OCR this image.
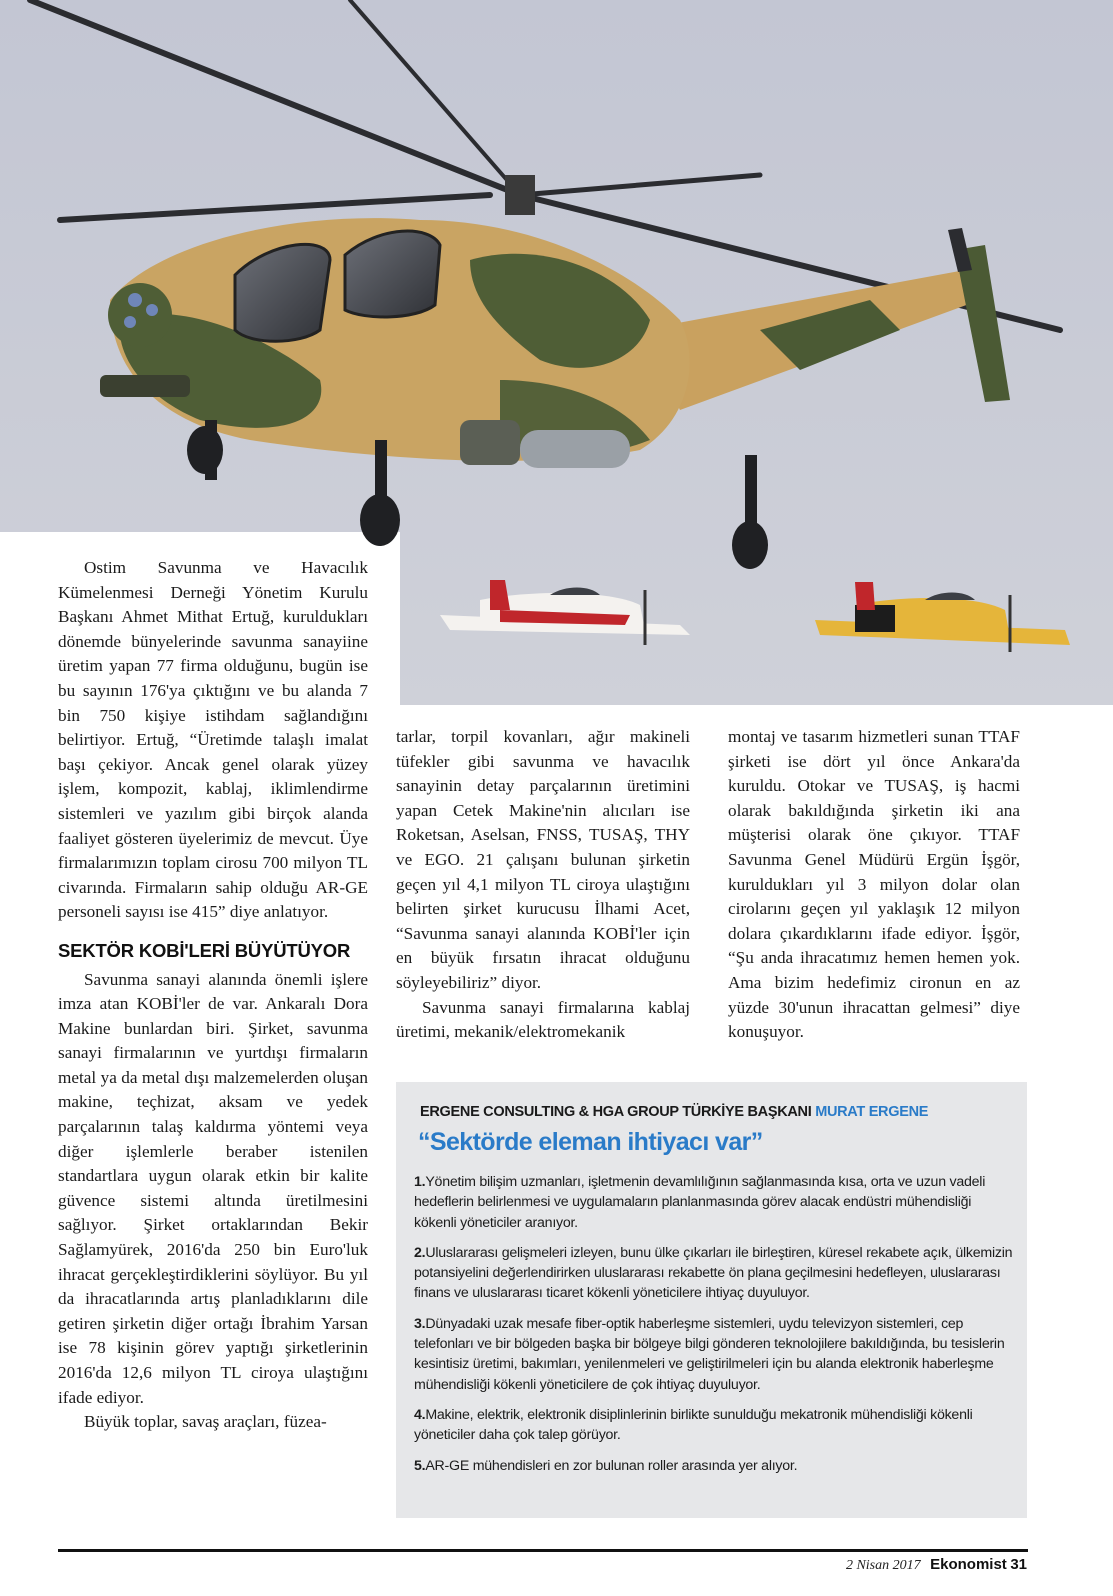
Ostim Savunma ve Havacılık Kümelenmesi Derneği Yönetim Kurulu Başkanı Ahmet Mithat Ertuğ, kuruldukları dönemde bünyelerinde savunma sanayiine üretim yapan 77 firma olduğunu, bugün ise bu sayının 176'ya çıktığını ve bu alanda 7 bin 750 kişiye istihdam sağlandığını belirtiyor. Ertuğ, “Üretimde talaşlı imalat başı çekiyor. Ancak genel olarak yüzey işlem, kompozit, kablaj, iklimlendirme sistemleri ve yazılım gibi birçok alanda faaliyet gösteren üyelerimiz de mevcut. Üye firmalarımızın toplam cirosu 700 milyon TL civarında. Firmaların sahip olduğu AR-GE personeli sayısı ise 415” diye anlatıyor.

SEKTÖR KOBİ'LERİ BÜYÜTÜYOR

Savunma sanayi alanında önemli işlere imza atan KOBİ'ler de var. Ankaralı Dora Makine bunlardan biri. Şirket, savunma sanayi firmalarının ve yurtdışı firmaların metal ya da metal dışı malzemelerden oluşan makine, teçhizat, aksam ve yedek parçalarının talaş kaldırma yöntemi veya diğer işlemlerle beraber istenilen standartlara uygun olarak etkin bir kalite güvence sistemi altında üretilmesini sağlıyor. Şirket ortaklarından Bekir Sağlamyürek, 2016'da 250 bin Euro'luk ihracat gerçekleştirdiklerini söylüyor. Bu yıl da ihracatlarında artış planladıklarını dile getiren şirketin diğer ortağı İbrahim Yarsan ise 78 kişinin görev yaptığı şirketlerinin 2016'da 12,6 milyon TL ciroya ulaştığını ifade ediyor.

Büyük toplar, savaş araçları, füzea-

tarlar, torpil kovanları, ağır makineli tüfekler gibi savunma ve havacılık sanayinin detay parçalarının üretimini yapan Cetek Makine'nin alıcıları ise Roketsan, Aselsan, FNSS, TUSAŞ, THY ve EGO. 21 çalışanı bulunan şirketin geçen yıl 4,1 milyon TL ciroya ulaştığını belirten şirket kurucusu İlhami Acet, “Savunma sanayi alanında KOBİ'ler için en büyük fırsatın ihracat olduğunu söyleyebiliriz” diyor.

Savunma sanayi firmalarına kablaj üretimi, mekanik/elektromekanik

montaj ve tasarım hizmetleri sunan TTAF şirketi ise dört yıl önce Ankara'da kuruldu. Otokar ve TUSAŞ, iş hacmi olarak bakıldığında şirketin iki ana müşterisi olarak öne çıkıyor. TTAF Savunma Genel Müdürü Ergün İşgör, kuruldukları yıl 3 milyon dolar olan cirolarını geçen yıl yaklaşık 12 milyon dolara çıkardıklarını ifade ediyor. İşgör, “Şu anda ihracatımız hemen hemen yok. Ama bizim hedefimiz cironun en az yüzde 30'unun ihracattan gelmesi” diye konuşuyor.

ERGENE CONSULTING & HGA GROUP TÜRKİYE BAŞKANI MURAT ERGENE
“Sektörde eleman ihtiyacı var”
1.Yönetim bilişim uzmanları, işletmenin devamlılığının sağlanmasında kısa, orta ve uzun vadeli hedeflerin belirlenmesi ve uygulamaların planlanmasında görev alacak endüstri mühendisliği kökenli yöneticiler aranıyor.
2.Uluslararası gelişmeleri izleyen, bunu ülke çıkarları ile birleştiren, küresel rekabete açık, ülkemizin potansiyelini değerlendirirken uluslararası rekabette ön plana geçilmesini hedefleyen, uluslararası finans ve uluslararası ticaret kökenli yöneticilere ihtiyaç duyuluyor.
3.Dünyadaki uzak mesafe fiber-optik haberleşme sistemleri, uydu televizyon sistemleri, cep telefonları ve bir bölgeden başka bir bölgeye bilgi gönderen teknolojilere bakıldığında, bu tesislerin kesintisiz üretimi, bakımları, yenilenmeleri ve geliştirilmeleri için bu alanda elektronik haberleşme mühendisliği kökenli yöneticilere de çok ihtiyaç duyuluyor.
4.Makine, elektrik, elektronik disiplinlerinin birlikte sunulduğu mekatronik mühendisliği kökenli yöneticiler daha çok talep görüyor.
5.AR-GE mühendisleri en zor bulunan roller arasında yer alıyor.
2 Nisan 2017 Ekonomist 31
